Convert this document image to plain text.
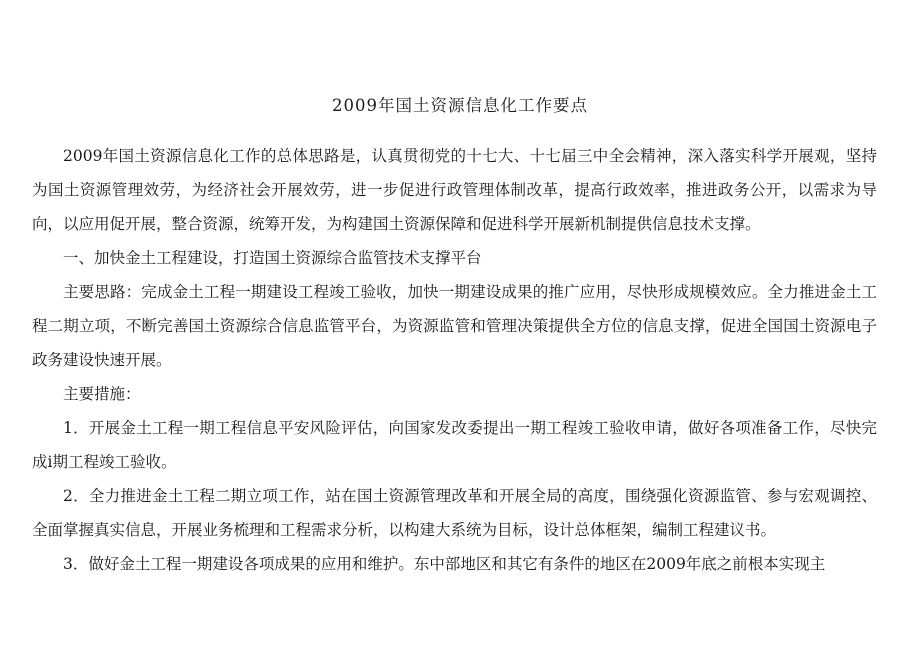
2009年国土资源信息化工作要点

2009年国土资源信息化工作的总体思路是，认真贯彻党的十七大、十七届三中全会精神，深入落实科学开展观，坚持为国土资源管理效劳，为经济社会开展效劳，进一步促进行政管理体制改革，提高行政效率，推进政务公开，以需求为导向，以应用促开展，整合资源，统筹开发，为构建国土资源保障和促进科学开展新机制提供信息技术支撑。

一、加快金土工程建设，打造国土资源综合监管技术支撑平台

主要思路：完成金土工程一期建设工程竣工验收，加快一期建设成果的推广应用，尽快形成规模效应。全力推进金土工程二期立项，不断完善国土资源综合信息监管平台，为资源监管和管理决策提供全方位的信息支撑，促进全国国土资源电子政务建设快速开展。

主要措施：

1．开展金土工程一期工程信息平安风险评估，向国家发改委提出一期工程竣工验收申请，做好各项准备工作，尽快完成i期工程竣工验收。

2．全力推进金土工程二期立项工作，站在国土资源管理改革和开展全局的高度，围绕强化资源监管、参与宏观调控、全面掌握真实信息，开展业务梳理和工程需求分析，以构建大系统为目标，设计总体框架，编制工程建议书。

3．做好金土工程一期建设各项成果的应用和维护。东中部地区和其它有条件的地区在2009年底之前根本实现主
